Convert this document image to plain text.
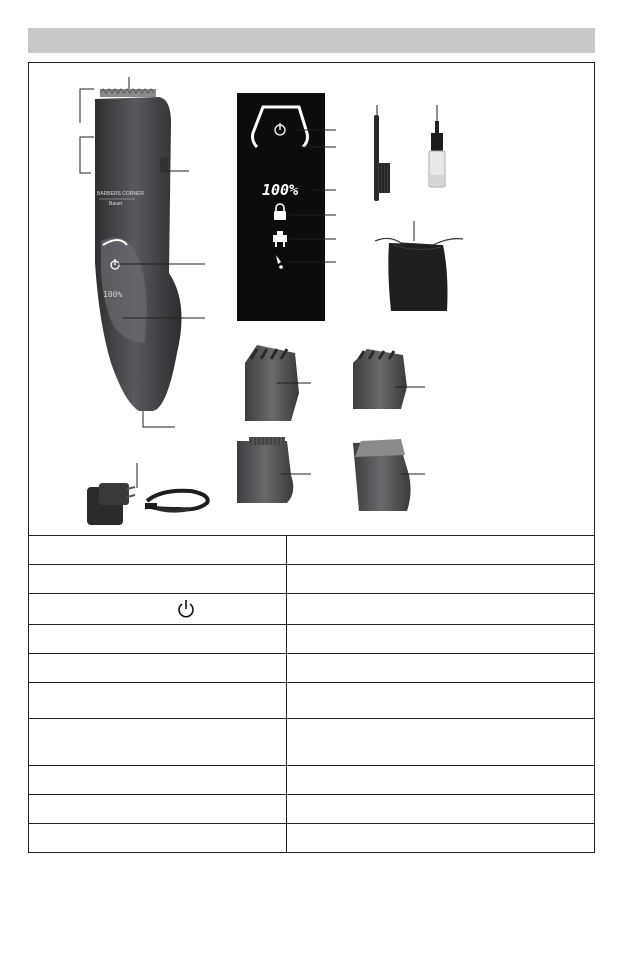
100%
BARBERS CORNER
Bauer
100%
